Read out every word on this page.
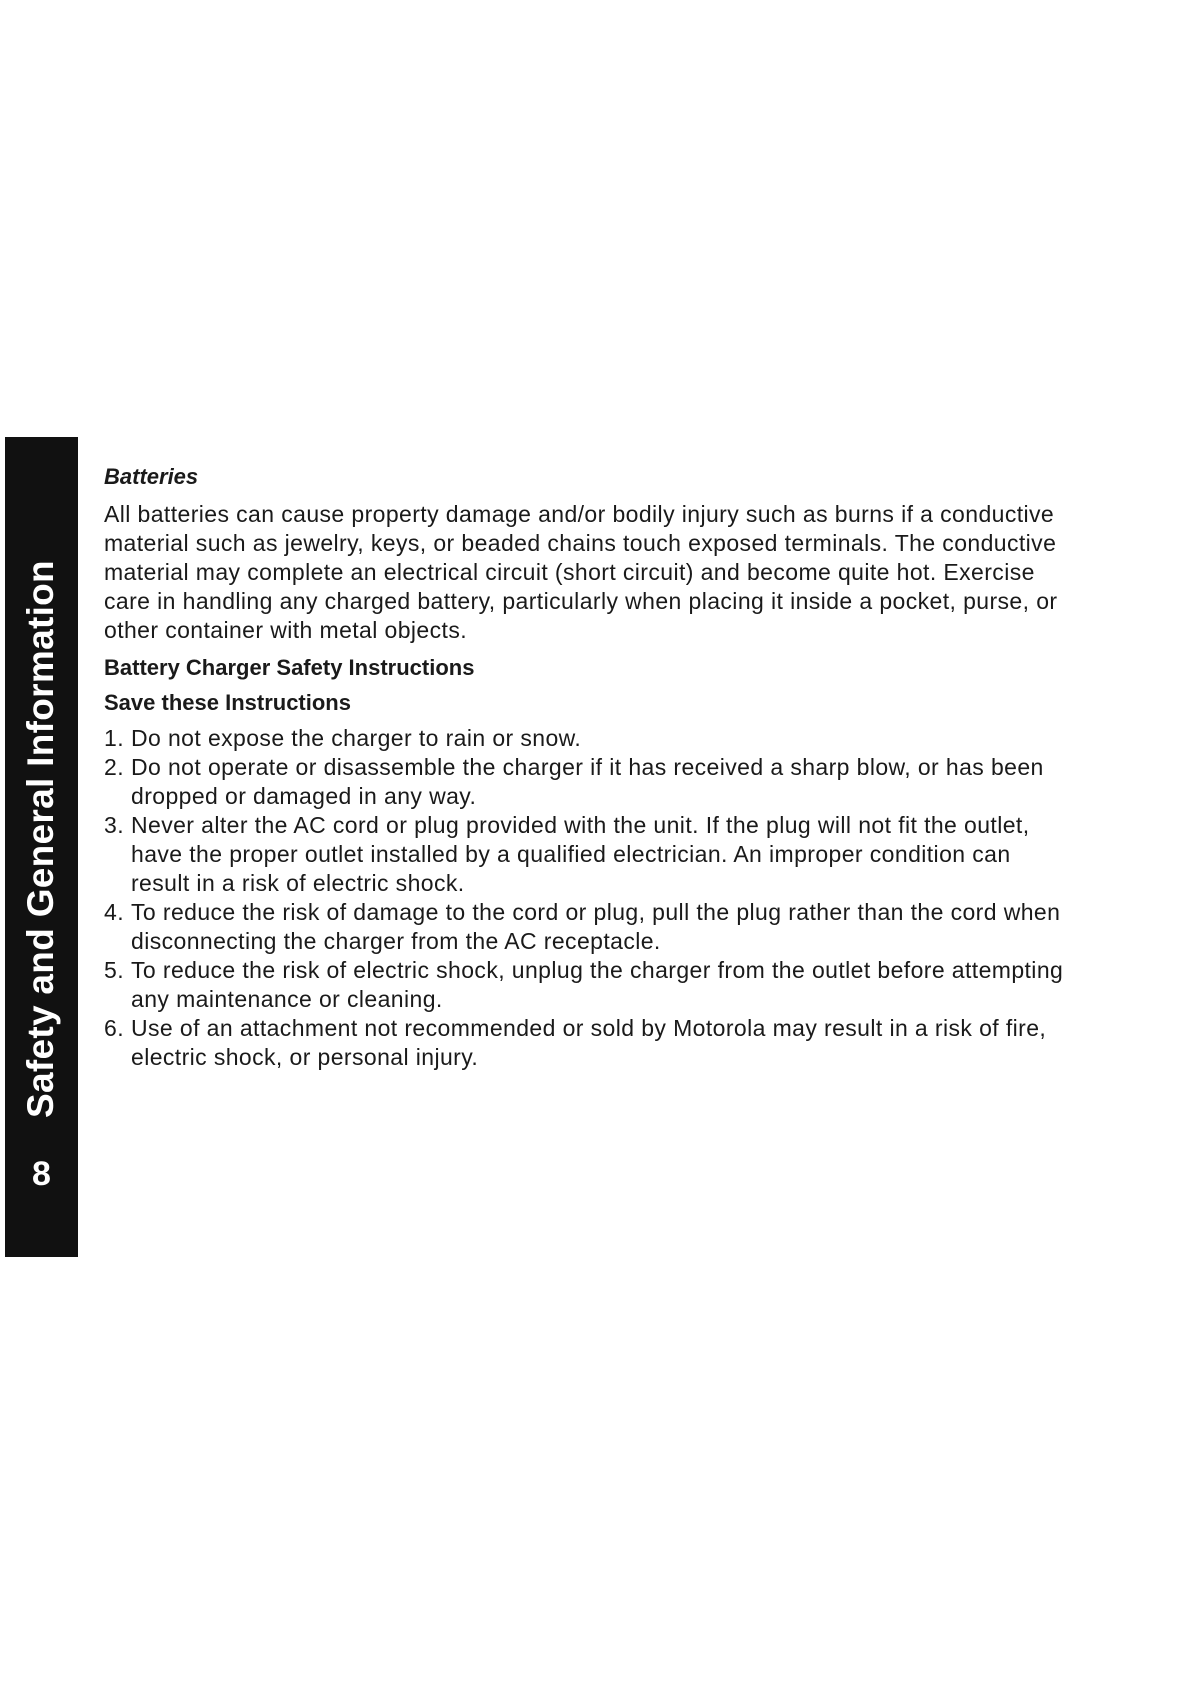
Safety and General Information
8

Batteries

All batteries can cause property damage and/or bodily injury such as burns if a conductive material such as jewelry, keys, or beaded chains touch exposed terminals. The conductive material may complete an electrical circuit (short circuit) and become quite hot. Exercise care in handling any charged battery, particularly when placing it inside a pocket, purse, or other container with metal objects.

Battery Charger Safety Instructions

Save these Instructions

1. Do not expose the charger to rain or snow.
2. Do not operate or disassemble the charger if it has received a sharp blow, or has been dropped or damaged in any way.
3. Never alter the AC cord or plug provided with the unit. If the plug will not fit the outlet, have the proper outlet installed by a qualified electrician. An improper condition can result in a risk of electric shock.
4. To reduce the risk of damage to the cord or plug, pull the plug rather than the cord when disconnecting the charger from the AC receptacle.
5. To reduce the risk of electric shock, unplug the charger from the outlet before attempting any maintenance or cleaning.
6. Use of an attachment not recommended or sold by Motorola may result in a risk of fire, electric shock, or personal injury.
